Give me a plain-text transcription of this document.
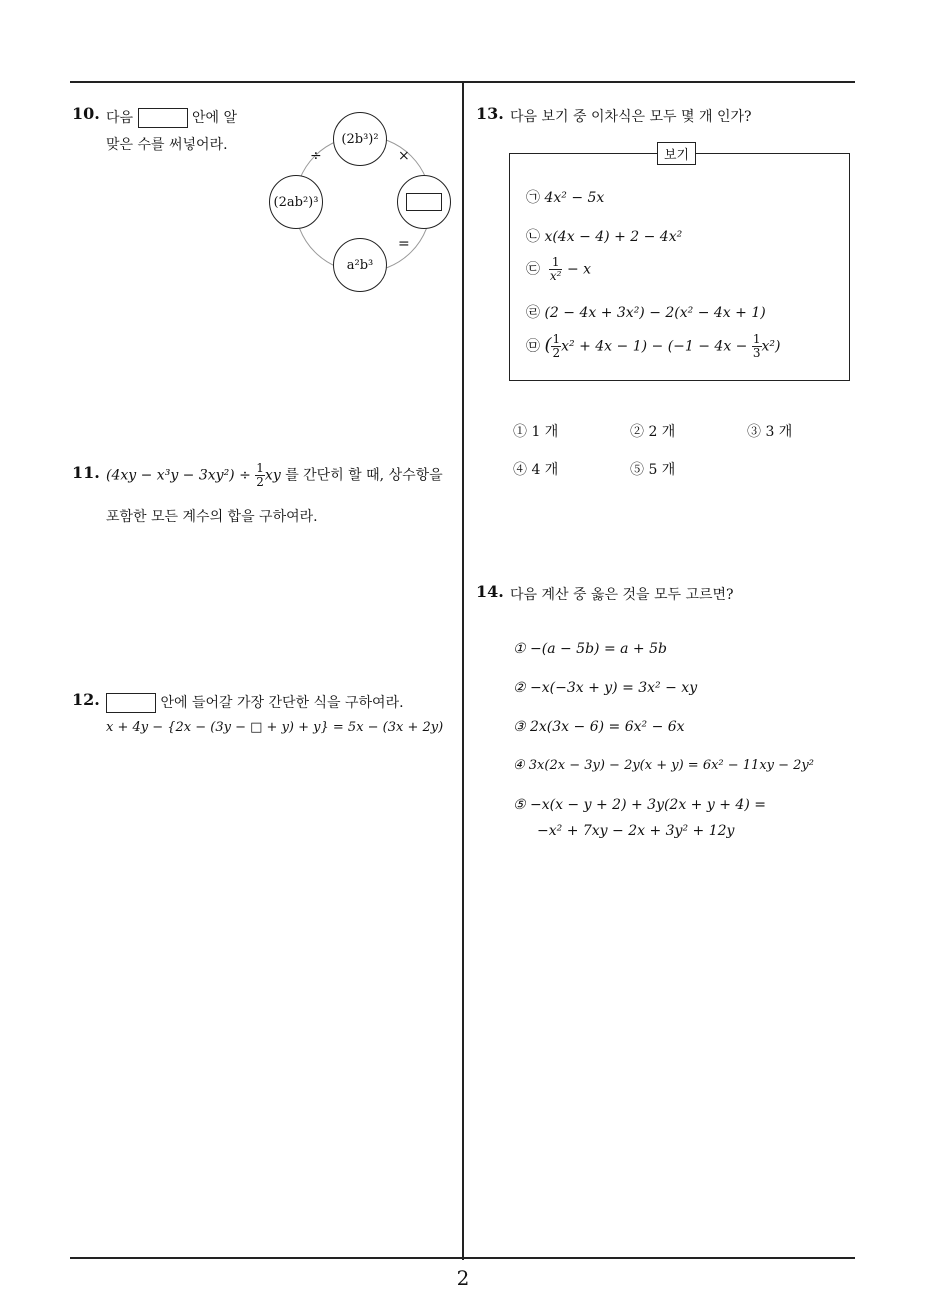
10. 다음	안에 알
맞은 수를 써넣어라.	(2b³)²
(2ab²)³
a²b³
÷	×
=
11. $(4xy - x^3y - 3xy^2) \div \frac{1}{2}$ xy 를 간단히 할 때, 상수항을
포함한 모든 계수의 합을 구하여라.
12.	안에 들어갈 가장 간단한 식을 구하여라.
x + 4y − {2x − (3y − □ + y) + y} = 5x − (3x + 2y)
13. 다음 보기 중 이차식은 모두 몇 개 인가?
보기
㉠ 4x² − 5x
㉡ x(4x − 4) + 2 − 4x²
㉢ $\frac{1}{\text{x²}} - x$
㉣ (2 − 4x + 3x²) − 2(x² − 4x + 1)
㉤ ( $\frac{1}{2} x^2 + 4x - 1) - (-1 - 4x - \frac{1}{3} x^2)$
① 1 개	② 2 개	③ 3 개
④ 4 개	⑤ 5 개
14. 다음 계산 중 옳은 것을 모두 고르면?
① −(a − 5b) = a + 5b
② −x(−3x + y) = 3x² − xy
③ 2x(3x − 6) = 6x² − 6x
④ 3x(2x − 3y) − 2y(x + y) = 6x² − 11xy − 2y²
⑤ −x(x − y + 2) + 3y(2x + y + 4) =
−x² + 7xy − 2x + 3y² + 12y
2
